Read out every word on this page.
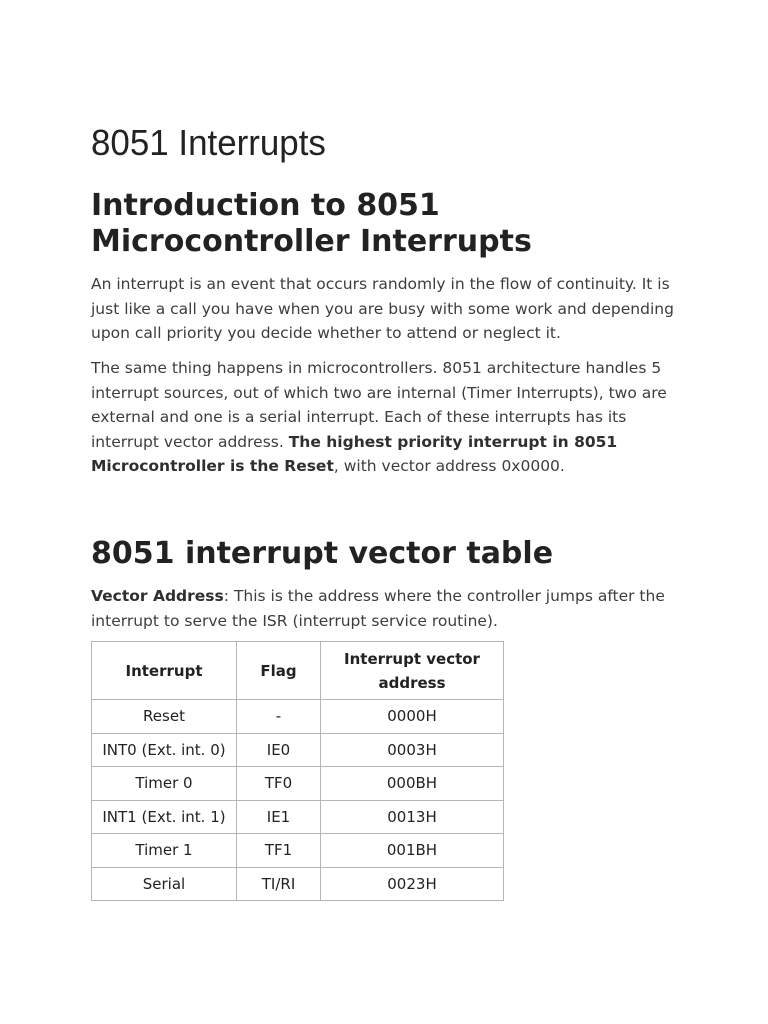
8051 Interrupts
Introduction to 8051 Microcontroller Interrupts

An interrupt is an event that occurs randomly in the flow of continuity. It is just like a call you have when you are busy with some work and depending upon call priority you decide whether to attend or neglect it.

The same thing happens in microcontrollers. 8051 architecture handles 5 interrupt sources, out of which two are internal (Timer Interrupts), two are external and one is a serial interrupt. Each of these interrupts has its interrupt vector address. The highest priority interrupt in 8051 Microcontroller is the Reset, with vector address 0x0000.

8051 interrupt vector table

Vector Address: This is the address where the controller jumps after the interrupt to serve the ISR (interrupt service routine).

Interrupt	Flag	Interrupt vector address
Reset	-	0000H
INT0 (Ext. int. 0)	IE0	0003H
Timer 0	TF0	000BH
INT1 (Ext. int. 1)	IE1	0013H
Timer 1	TF1	001BH
Serial	TI/RI	0023H
